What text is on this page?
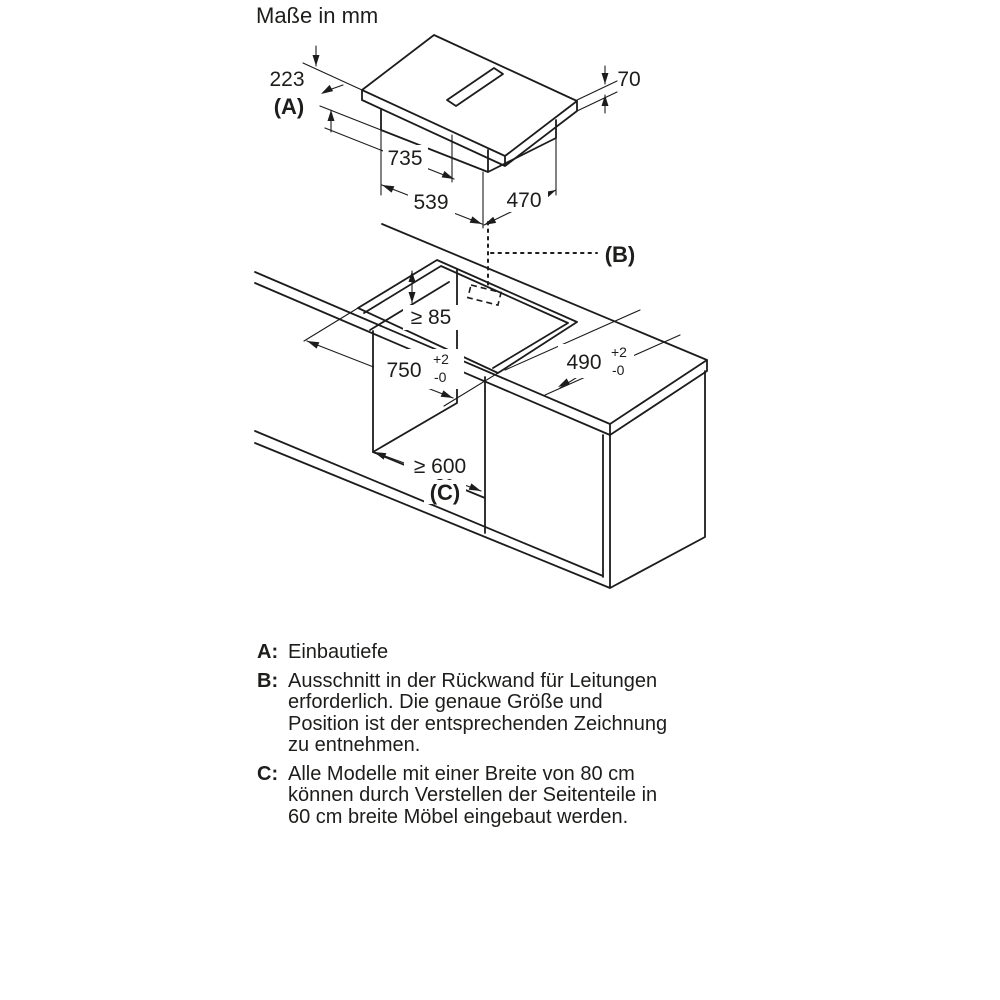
Maße in mm
223
(A)
70
735
539	470
(B)
≥ 85
750 +2
-0
490 +2
-0
≥ 600
(C)
A: Einbautiefe
B: Ausschnitt in der Rückwand für Leitungen
erforderlich. Die genaue Größe und
Position ist der entsprechenden Zeichnung
zu entnehmen.
C: Alle Modelle mit einer Breite von 80 cm
können durch Verstellen der Seitenteile in
60 cm breite Möbel eingebaut werden.
